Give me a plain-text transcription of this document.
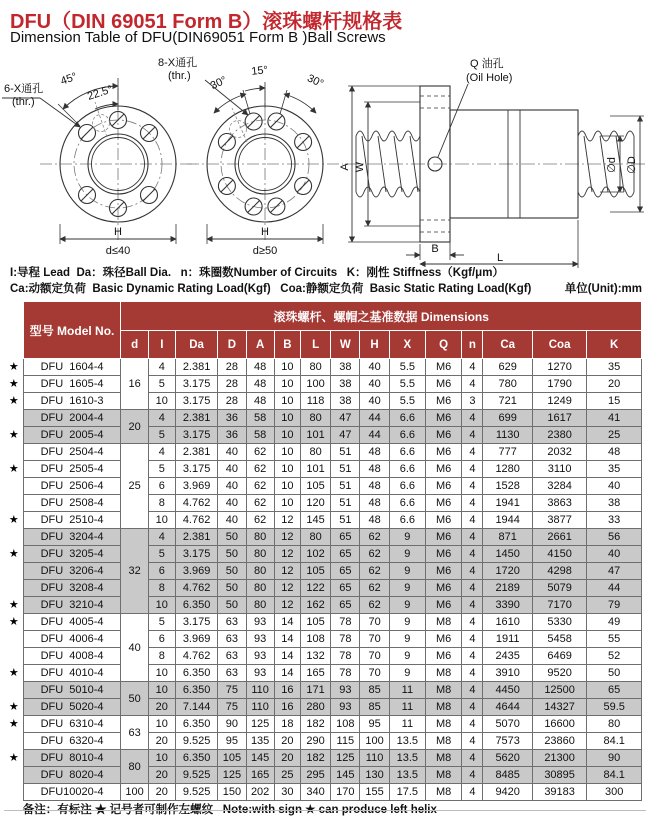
DFU（DIN 69051 Form B）滚珠螺杆规格表
Dimension Table of DFU(DIN69051 Form B )Ball Screws
45°
22.5°
6-X通孔
(thr.)
H
d≤40
30°
15°
30°
8-X通孔
(thr.)
H
d≥50
Q 油孔
(Oil Hole)
A W	∅d ∅D
B
L
I:导程 Lead  Da：珠径Ball Dia.   n：珠圈数Number of Circuits   K：刚性 Stiffness（Kgf/μm）
Ca:动额定负荷  Basic Dynamic Rating Load(Kgf)   Coa:静额定负荷  Basic Static Rating Load(Kgf)	单位(Unit):mm
	型号 Model No.	滚珠螺杆、螺帽之基准数据 Dimensions														
		d	I	Da	D	A	B	L	W	H	X	Q	n	Ca	Coa	K
★	DFU  1604-4	16	4	2.381	28	48	10	80	38	40	5.5	M6	4	629	1270	35
★	DFU  1605-4		5	3.175	28	48	10	100	38	40	5.5	M6	4	780	1790	20
★	DFU  1610-3		10	3.175	28	48	10	118	38	40	5.5	M6	3	721	1249	15
	DFU  2004-4	20	4	2.381	36	58	10	80	47	44	6.6	M6	4	699	1617	41
★	DFU  2005-4		5	3.175	36	58	10	101	47	44	6.6	M6	4	1130	2380	25
	DFU  2504-4	25	4	2.381	40	62	10	80	51	48	6.6	M6	4	777	2032	48
★	DFU  2505-4		5	3.175	40	62	10	101	51	48	6.6	M6	4	1280	3110	35
	DFU  2506-4		6	3.969	40	62	10	105	51	48	6.6	M6	4	1528	3284	40
	DFU  2508-4		8	4.762	40	62	10	120	51	48	6.6	M6	4	1941	3863	38
★	DFU  2510-4		10	4.762	40	62	12	145	51	48	6.6	M6	4	1944	3877	33
	DFU  3204-4	32	4	2.381	50	80	12	80	65	62	9	M6	4	871	2661	56
★	DFU  3205-4		5	3.175	50	80	12	102	65	62	9	M6	4	1450	4150	40
	DFU  3206-4		6	3.969	50	80	12	105	65	62	9	M6	4	1720	4298	47
	DFU  3208-4		8	4.762	50	80	12	122	65	62	9	M6	4	2189	5079	44
★	DFU  3210-4		10	6.350	50	80	12	162	65	62	9	M6	4	3390	7170	79
★	DFU  4005-4	40	5	3.175	63	93	14	105	78	70	9	M8	4	1610	5330	49
	DFU  4006-4		6	3.969	63	93	14	108	78	70	9	M6	4	1911	5458	55
	DFU  4008-4		8	4.762	63	93	14	132	78	70	9	M6	4	2435	6469	52
★	DFU  4010-4		10	6.350	63	93	14	165	78	70	9	M8	4	3910	9520	50
	DFU  5010-4	50	10	6.350	75	110	16	171	93	85	11	M8	4	4450	12500	65
★	DFU  5020-4		20	7.144	75	110	16	280	93	85	11	M8	4	4644	14327	59.5
★	DFU  6310-4	63	10	6.350	90	125	18	182	108	95	11	M8	4	5070	16600	80
	DFU  6320-4		20	9.525	95	135	20	290	115	100	13.5	M8	4	7573	23860	84.1
★	DFU  8010-4	80	10	6.350	105	145	20	182	125	110	13.5	M8	4	5620	21300	90
	DFU  8020-4		20	9.525	125	165	25	295	145	130	13.5	M8	4	8485	30895	84.1
	DFU10020-4	100	20	9.525	150	202	30	340	170	155	17.5	M8	4	9420	39183	300

备注：有标注 ★ 记号者可制作左螺纹 Note:with sign ★ can produce left helix
